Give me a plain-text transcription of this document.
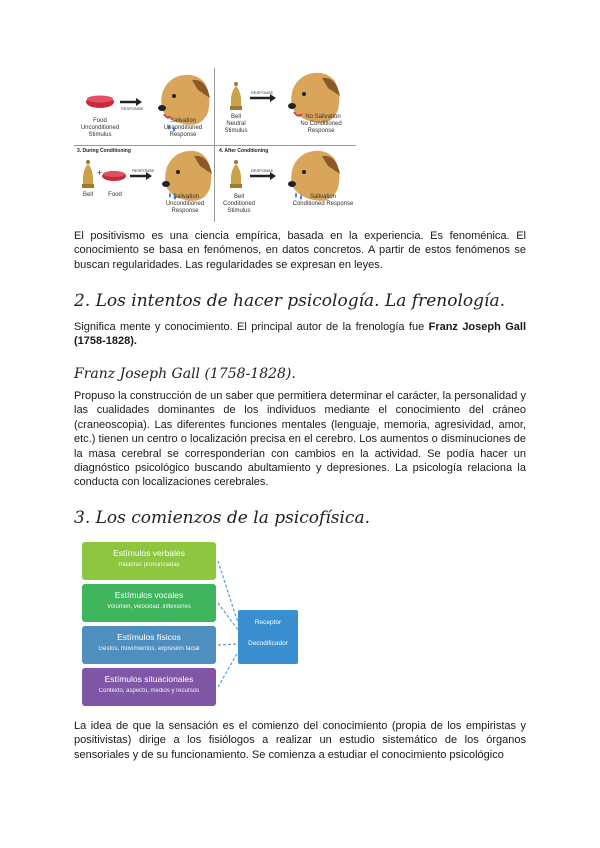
RESPONSE
Food
Unconditioned Stimulus
Salivation
Unconditioned Response
RESPONSE
Bell
Neutral Stimulus
No Salivation
No Conditioned Response
3. During Conditioning
+	RESPONSE
Bell	Food	Salivation
Unconditioned Response
4. After Conditioning
RESPONSE
Bell
Conditioned Stimulus
Salivation
Conditioned Response

El positivismo es una ciencia empírica, basada en la experiencia. Es fenoménica. El conocimiento se basa en fenómenos, en datos concretos. A partir de estos fenómenos se buscan regularidades. Las regularidades se expresan en leyes.

2. Los intentos de hacer psicología. La frenología.

Significa mente y conocimiento. El principal autor de la frenología fue Franz Joseph Gall (1758-1828).

Franz Joseph Gall (1758-1828).

Propuso la construcción de un saber que permitiera determinar el carácter, la personalidad y las cualidades dominantes de los individuos mediante el conocimiento del cráneo (craneoscopia). Las diferentes funciones mentales (lenguaje, memoria, agresividad, amor, etc.) tienen un centro o localización precisa en el cerebro. Los aumentos o disminuciones de la masa cerebral se corresponderían con cambios en la actividad. Se podía hacer un diagnóstico psicológico buscando abultamiento y depresiones. La psicología relaciona la conducta con localizaciones cerebrales.

3. Los comienzos de la psicofísica.
Estímulos verbales
Palabras pronunciadas
Estímulos vocales
Volumen, velocidad, inflexiones
Estímulos físicos
Gestos, movimientos, expresión facial
Estímulos situacionales
Contexto, aspecto, medios y recursos
Receptor
Decodificador

La idea de que la sensación es el comienzo del conocimiento (propia de los empiristas y positivistas) dirige a los fisiólogos a realizar un estudio sistemático de los órganos sensoriales y de su funcionamiento. Se comienza a estudiar el conocimiento psicológico
